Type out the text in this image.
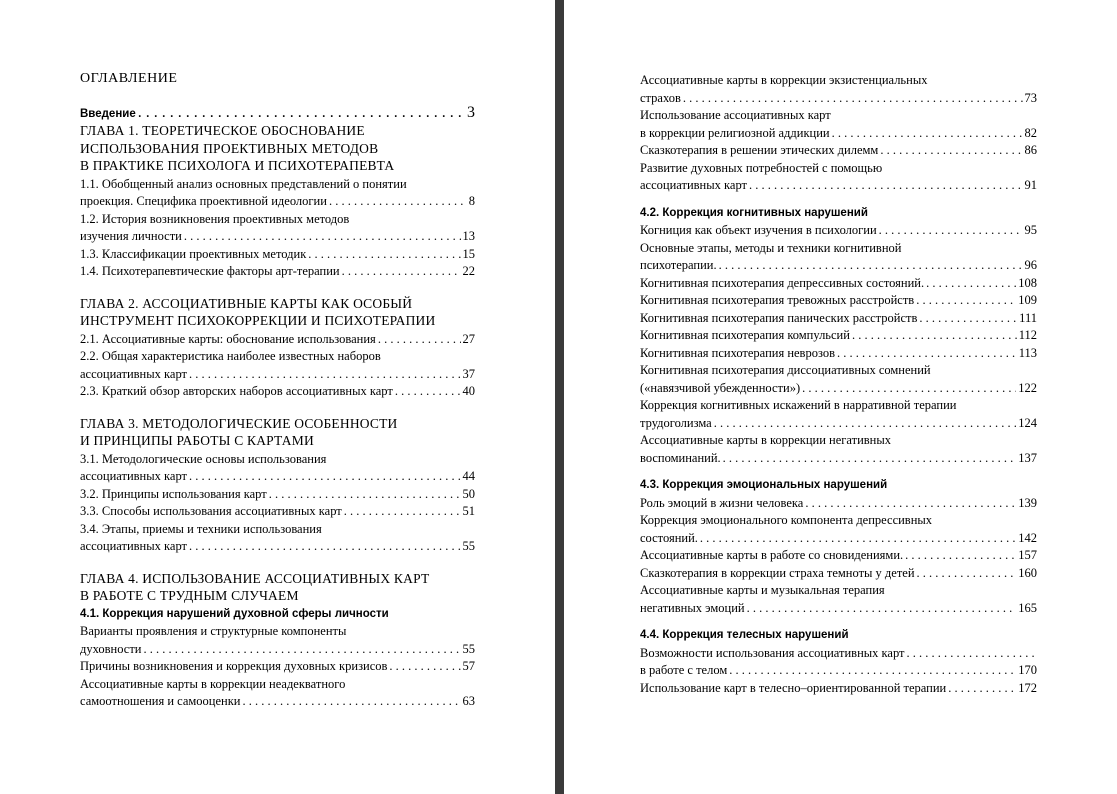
ОГЛАВЛЕНИЕ
Введение . . .	3
ГЛАВА 1. ТЕОРЕТИЧЕСКОЕ ОБОСНОВАНИЕ
ИСПОЛЬЗОВАНИЯ ПРОЕКТИВНЫХ МЕТОДОВ
В ПРАКТИКЕ ПСИХОЛОГА И ПСИХОТЕРАПЕВТА
1.1. Обобщенный анализ основных представлений о понятии
проекция. Специфика проективной идеологии . . .	8
1.2. История возникновения проективных методов
изучения личности . . .	13
1.3. Классификации проективных методик . . .	15
1.4. Психотерапевтические факторы арт-терапии . . .	22
ГЛАВА 2. АССОЦИАТИВНЫЕ КАРТЫ КАК ОСОБЫЙ
ИНСТРУМЕНТ ПСИХОКОРРЕКЦИИ И ПСИХОТЕРАПИИ
2.1. Ассоциативные карты: обоснование использования . . .	27
2.2. Общая характеристика наиболее известных наборов
ассоциативных карт . . .	37
2.3. Краткий обзор авторских наборов ассоциативных карт . . .	40
ГЛАВА 3. МЕТОДОЛОГИЧЕСКИЕ ОСОБЕННОСТИ
И ПРИНЦИПЫ РАБОТЫ С КАРТАМИ
3.1. Методологические основы использования
ассоциативных карт . . .	44
3.2. Принципы использования карт . . .	50
3.3. Способы использования ассоциативных карт . . .	51
3.4. Этапы, приемы и техники использования
ассоциативных карт . . .	55
ГЛАВА 4. ИСПОЛЬЗОВАНИЕ АССОЦИАТИВНЫХ КАРТ
В РАБОТЕ С ТРУДНЫМ СЛУЧАЕМ
4.1. Коррекция нарушений духовной сферы личности
Варианты проявления и структурные компоненты
духовности . . .	55
Причины возникновения и коррекция духовных кризисов . . .	57
Ассоциативные карты в коррекции неадекватного
самоотношения и самооценки . . .	63
Ассоциативные карты в коррекции экзистенциальных
страхов . . .	73
Использование ассоциативных карт
в коррекции религиозной аддикции . . .	82
Сказкотерапия в решении этических дилемм . . .	86
Развитие духовных потребностей с помощью
ассоциативных карт . . .	91
4.2. Коррекция когнитивных нарушений
Когниция как объект изучения в психологии . . .	95
Основные этапы, методы и техники когнитивной
психотерапии. . . .	96
Когнитивная психотерапия депрессивных состояний. . . .	108
Когнитивная психотерапия тревожных расстройств . . .	109
Когнитивная психотерапия панических расстройств . . .	111
Когнитивная психотерапия компульсий . . .	112
Когнитивная психотерапия неврозов . . .	113
Когнитивная психотерапия диссоциативных сомнений
(«навязчивой убежденности») . . .	122
Коррекция когнитивных искажений в нарративной терапии
трудоголизма . . .	124
Ассоциативные карты в коррекции негативных
воспоминаний. . . .	137
4.3. Коррекция эмоциональных нарушений
Роль эмоций в жизни человека . . .	139
Коррекция эмоционального компонента депрессивных
состояний. . . .	142
Ассоциативные карты в работе со сновидениями. . . .	157
Сказкотерапия в коррекции страха темноты у детей . . .	160
Ассоциативные карты и музыкальная терапия
негативных эмоций . . .	165
4.4. Коррекция телесных нарушений
Возможности использования ассоциативных карт
. . .
в работе с телом . . .	170
Использование карт в телесно–ориентированной терапии . . .	172
